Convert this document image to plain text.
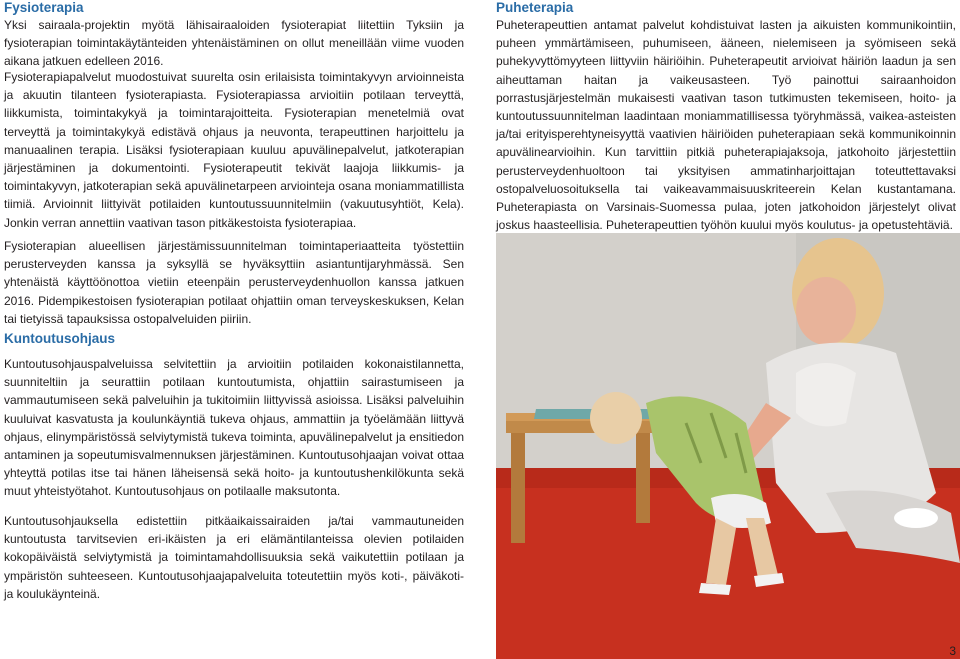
Fysioterapia

Yksi sairaala-projektin myötä lähisairaaloiden fysioterapiat liitettiin Tyksiin ja fysioterapian toimintakäytänteiden yhtenäistäminen on ollut meneillään viime vuoden aikana jatkuen edelleen 2016.

Fysioterapiapalvelut muodostuivat suurelta osin erilaisista toimintakyvyn arvioinneista ja akuutin tilanteen fysioterapiasta. Fysioterapiassa arvioitiin potilaan terveyttä, liikkumista, toimintakykyä ja toimintarajoitteita. Fysioterapian menetelmiä ovat terveyttä ja toimintakykyä edistävä ohjaus ja neuvonta, terapeuttinen harjoittelu ja manuaalinen terapia. Lisäksi fysioterapiaan kuuluu apuvälinepalvelut, jatkoterapian järjestäminen ja dokumentointi. Fysioterapeutit tekivät laajoja liikkumis- ja toimintakyvyn, jatkoterapian sekä apuvälinetarpeen arviointeja osana moniammatillista tiimiä. Arvioinnit liittyivät potilaiden kuntoutussuunnitelmiin (vakuutusyhtiöt, Kela). Jonkin verran annettiin vaativan tason pitkäkestoista fysioterapiaa.

Fysioterapian alueellisen järjestämissuunnitelman toimintaperiaatteita työstettiin perusterveyden kanssa ja syksyllä se hyväksyttiin asiantuntijaryhmässä. Sen yhtenäistä käyttöönottoa vietiin eteenpäin perusterveydenhuollon kanssa jatkuen 2016. Pidempikestoisen fysioterapian potilaat ohjattiin oman terveyskeskuksen, Kelan tai tietyissä tapauksissa ostopalveluiden piiriin.

Kuntoutusohjaus

Kuntoutusohjauspalveluissa selvitettiin ja arvioitiin potilaiden kokonaistilannetta, suunniteltiin ja seurattiin potilaan kuntoutumista, ohjattiin sairastumiseen ja vammautumiseen sekä palveluihin ja tukitoimiin liittyvissä asioissa. Lisäksi palveluihin kuuluivat kasvatusta ja koulunkäyntiä tukeva ohjaus, ammattiin ja työelämään liittyvä ohjaus, elinympäristössä selviytymistä tukeva toiminta, apuvälinepalvelut ja ensitiedon antaminen ja sopeutumisvalmennuksen järjestäminen. Kuntoutusohjaajan voivat ottaa yhteyttä potilas itse tai hänen läheisensä sekä hoito- ja kuntoutushenkilökunta sekä muut yhteistyötahot. Kuntoutusohjaus on potilaalle maksutonta.

Kuntoutusohjauksella edistettiin pitkäaikaissairaiden ja/tai vammautuneiden kuntoutusta tarvitsevien eri-ikäisten ja eri elämäntilanteissa olevien potilaiden kokopäiväistä selviytymistä ja toimintamahdollisuuksia sekä vaikutettiin potilaan ja ympäristön suhteeseen. Kuntoutusohjaajapalveluita toteutettiin myös koti-, päiväkoti- ja koulukäynteinä.

Puheterapia

Puheterapeuttien antamat palvelut kohdistuivat lasten ja aikuisten kommunikointiin, puheen ymmärtämiseen, puhumiseen, ääneen, nielemiseen ja syömiseen sekä puhekyvyttömyyteen liittyviin häiriöihin. Puheterapeutit arvioivat häiriön laadun ja sen aiheuttaman haitan ja vaikeusasteen. Työ painottui sairaanhoidon porrastusjärjestelmän mukaisesti vaativan tason tutkimusten tekemiseen, hoito- ja kuntoutussuunnitelman laadintaan moniammatillisessa työryhmässä, vaikea-asteisten ja/tai erityisperehtyneisyyttä vaativien häiriöiden puheterapiaan sekä kommunikoinnin apuvälinearvioihin. Kun tarvittiin pitkiä puheterapiajaksoja, jatkohoito järjestettiin perusterveydenhuoltoon tai yksityisen ammatinharjoittajan toteuttettavaksi ostopalveluosoituksella tai vaikeavammaisuuskriteerein Kelan kustantamana. Puheterapiasta on Varsinais-Suomessa pulaa, joten jatkohoidon järjestelyt olivat joskus haasteellisia. Puheterapeuttien työhön kuului myös koulutus- ja opetustehtäviä.

3
